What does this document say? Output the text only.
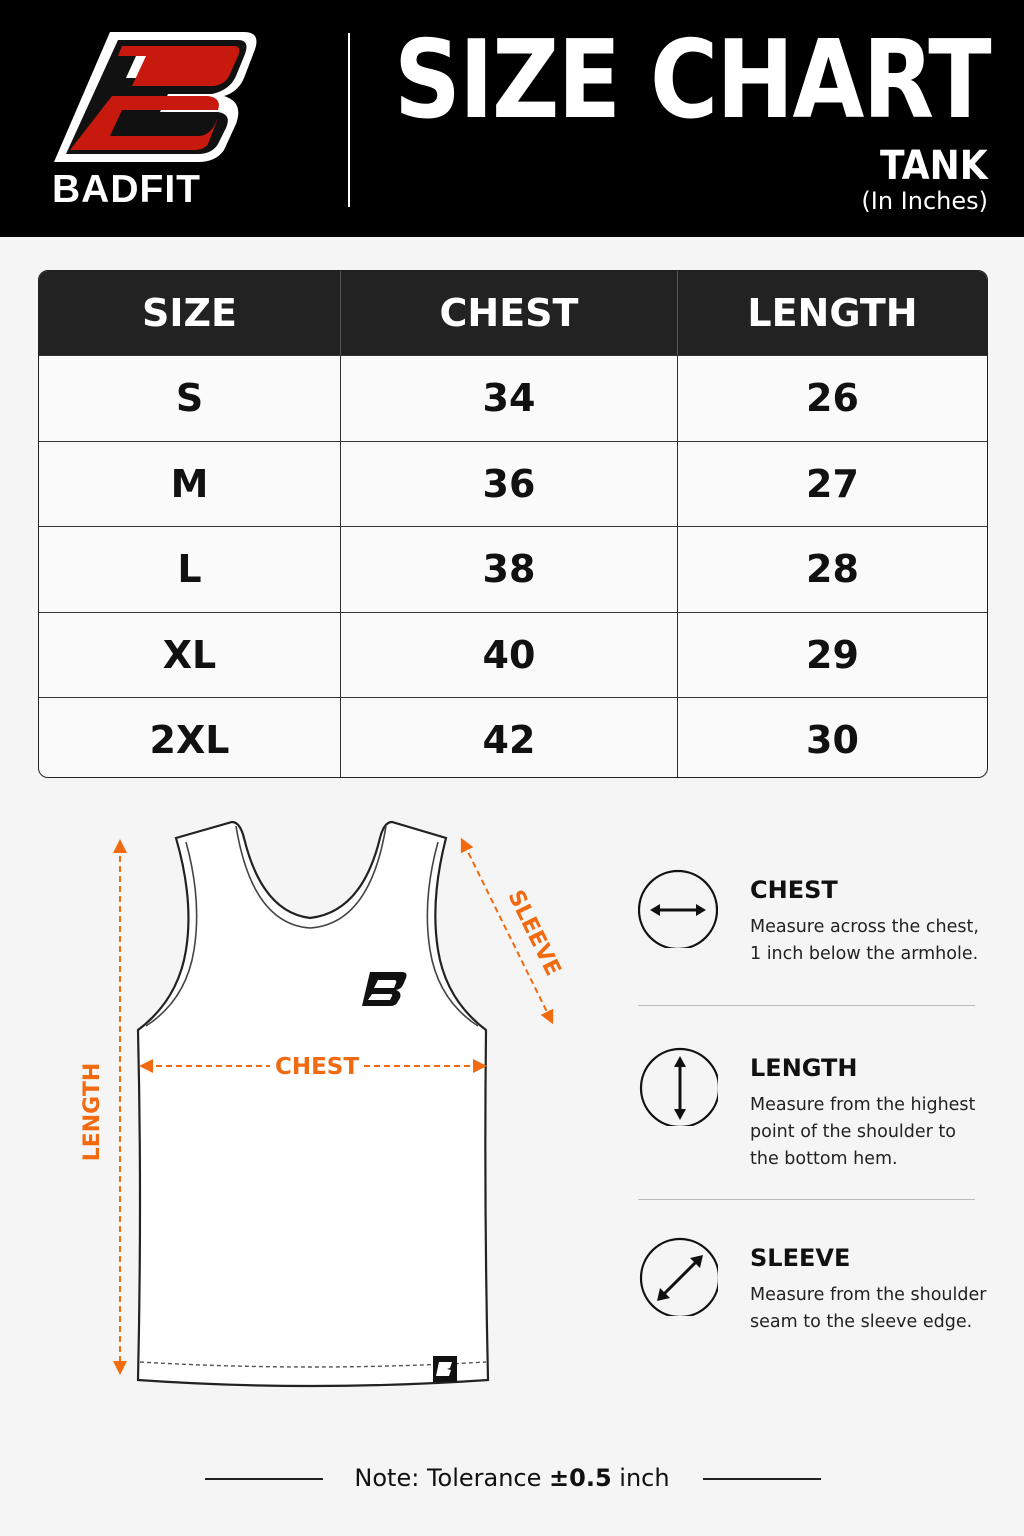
BADFIT
SIZE CHART
TANK
(In Inches)
SIZE	CHEST	LENGTH
S	34	26
M	36	27
L	38	28
XL	40	29
2XL	42	30
LENGTH	CHEST
SLEEVE	CHEST
Measure across the chest, 1 inch below the armhole.
LENGTH
Measure from the highest point of the shoulder to the bottom hem.
SLEEVE
Measure from the shoulder seam to the sleeve edge.
Note: Tolerance ±0.5 inch
